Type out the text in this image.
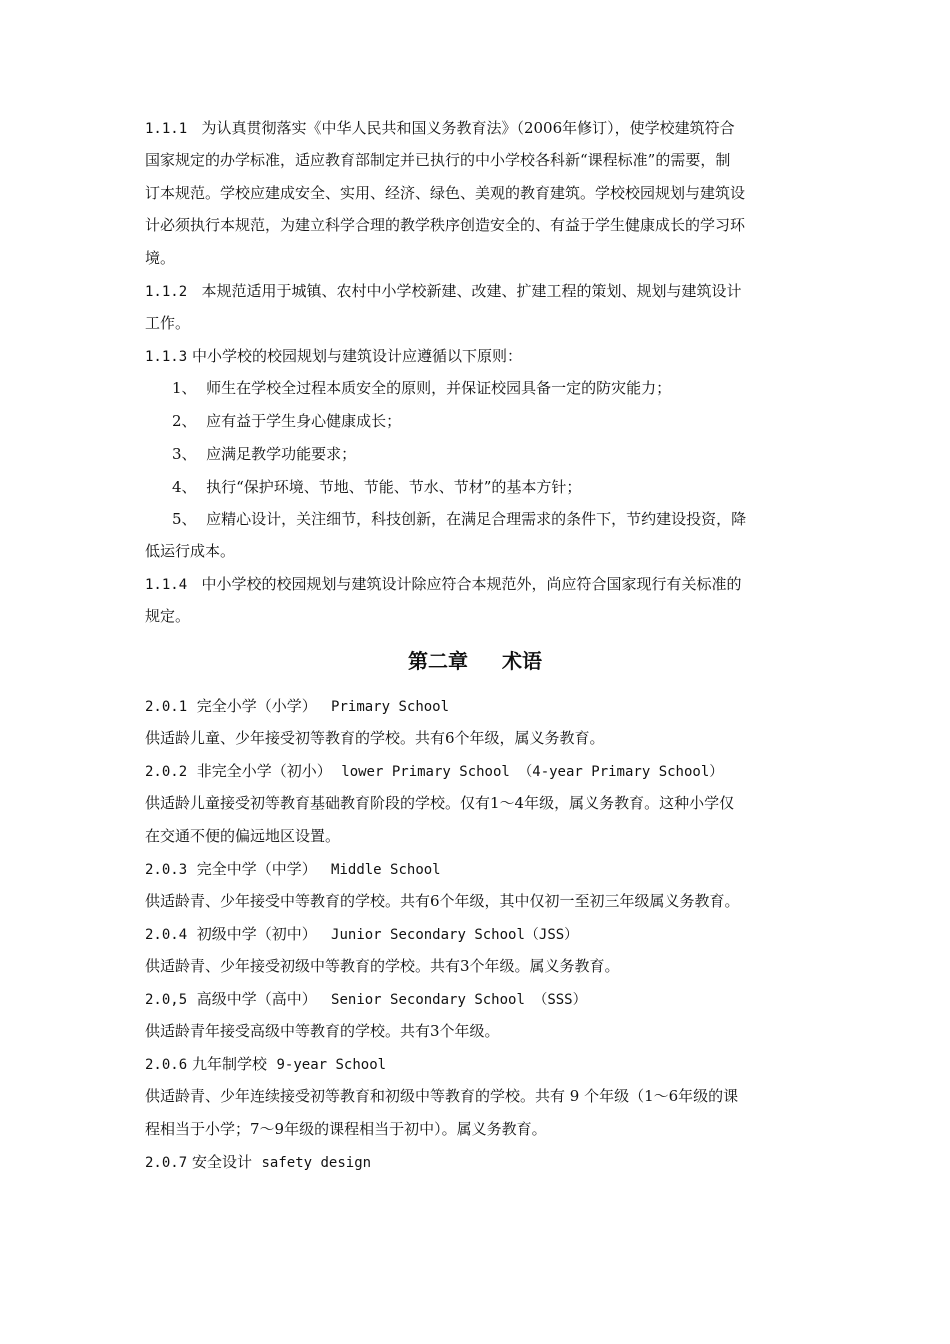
1.1.1 为认真贯彻落实《中华人民共和国义务教育法》（2006年修订），使学校建筑符合
国家规定的办学标准，适应教育部制定并已执行的中小学校各科新“课程标准”的需要，制
订本规范。学校应建成安全、实用、经济、绿色、美观的教育建筑。学校校园规划与建筑设
计必须执行本规范，为建立科学合理的教学秩序创造安全的、有益于学生健康成长的学习环
境。
1.1.2 本规范适用于城镇、农村中小学校新建、改建、扩建工程的策划、规划与建筑设计
工作。
1.1.3 中小学校的校园规划与建筑设计应遵循以下原则：
1、 师生在学校全过程本质安全的原则，并保证校园具备一定的防灾能力；
2、 应有益于学生身心健康成长；
3、 应满足教学功能要求；
4、 执行“保护环境、节地、节能、节水、节材”的基本方针；
5、 应精心设计，关注细节，科技创新，在满足合理需求的条件下，节约建设投资，降
低运行成本。
1.1.4 中小学校的校园规划与建筑设计除应符合本规范外，尚应符合国家现行有关标准的
规定。
第二章 术语
2.0.1 完全小学（小学） Primary School
供适龄儿童、少年接受初等教育的学校。共有6个年级，属义务教育。
2.0.2 非完全小学（初小） lower Primary School （4-year Primary School）
供适龄儿童接受初等教育基础教育阶段的学校。仅有1～4年级，属义务教育。这种小学仅
在交通不便的偏远地区设置。
2.0.3 完全中学（中学） Middle School
供适龄青、少年接受中等教育的学校。共有6个年级，其中仅初一至初三年级属义务教育。
2.0.4 初级中学（初中） Junior Secondary School（JSS）
供适龄青、少年接受初级中等教育的学校。共有3个年级。属义务教育。
2.0,5 高级中学（高中） Senior Secondary School （SSS）
供适龄青年接受高级中等教育的学校。共有3个年级。
2.0.6 九年制学校 9-year School
供适龄青、少年连续接受初等教育和初级中等教育的学校。共有 9 个年级（1～6年级的课
程相当于小学；7～9年级的课程相当于初中）。属义务教育。
2.0.7 安全设计 safety design
